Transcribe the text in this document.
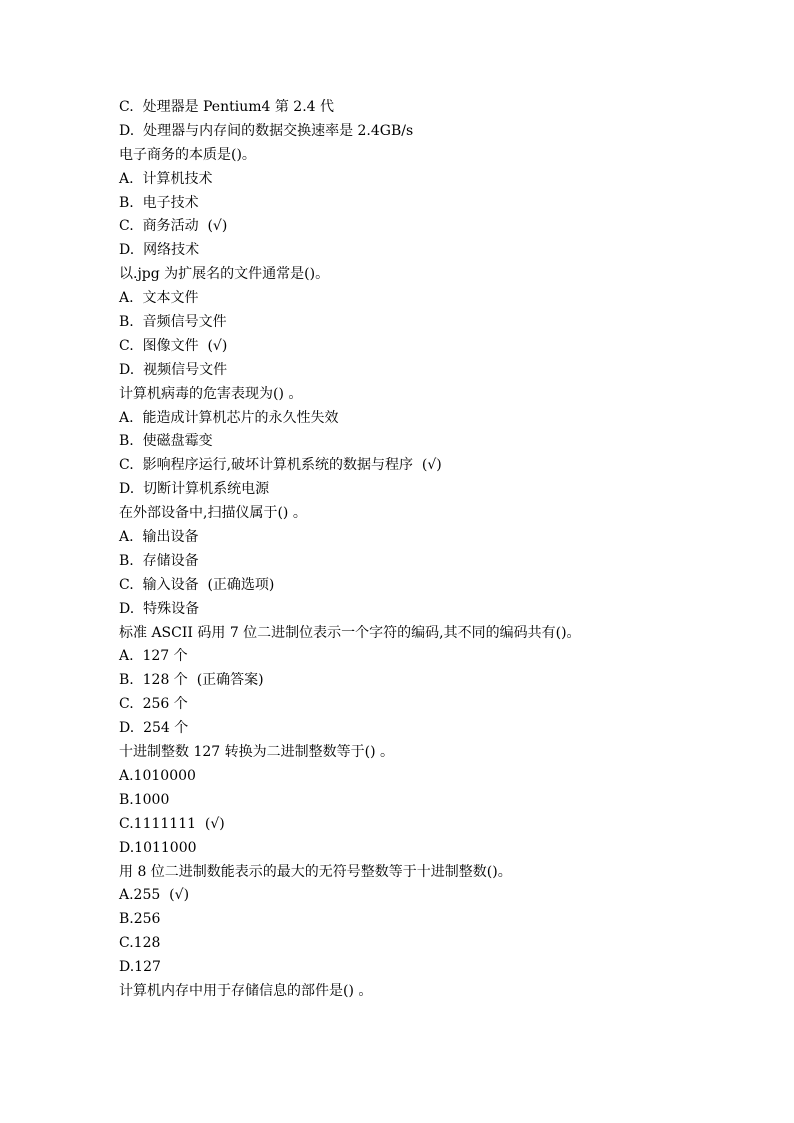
C.  处理器是 Pentium4 第 2.4 代
D.  处理器与内存间的数据交换速率是 2.4GB/s
电子商务的本质是()。
A.  计算机技术
B.  电子技术
C.  商务活动  (√)
D.  网络技术
以.jpg 为扩展名的文件通常是()。
A.  文本文件
B.  音频信号文件
C.  图像文件  (√)
D.  视频信号文件
计算机病毒的危害表现为() 。
A.  能造成计算机芯片的永久性失效
B.  使磁盘霉变
C.  影响程序运行,破坏计算机系统的数据与程序  (√)
D.  切断计算机系统电源
在外部设备中,扫描仪属于() 。
A.  输出设备
B.  存储设备
C.  输入设备  (正确选项)
D.  特殊设备
标准 ASCII 码用 7 位二进制位表示一个字符的编码,其不同的编码共有()。
A.  127 个
B.  128 个  (正确答案)
C.  256 个
D.  254 个
十进制整数 127 转换为二进制整数等于() 。
A.1010000
B.1000
C.1111111  (√)
D.1011000
用 8 位二进制数能表示的最大的无符号整数等于十进制整数()。
A.255  (√)
B.256
C.128
D.127
计算机内存中用于存储信息的部件是() 。
